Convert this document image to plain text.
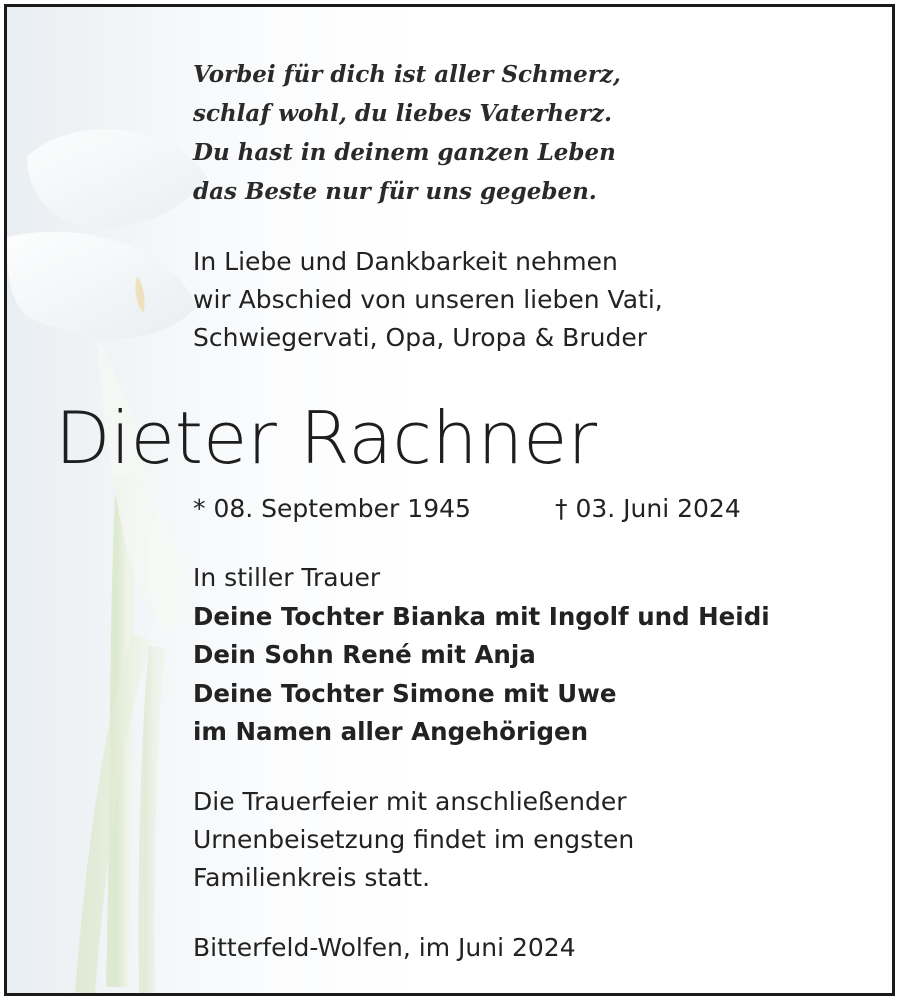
Vorbei für dich ist aller Schmerz,
schlaf wohl, du liebes Vaterherz.
Du hast in deinem ganzen Leben
das Beste nur für uns gegeben.
In Liebe und Dankbarkeit nehmen
wir Abschied von unseren lieben Vati,
Schwiegervati, Opa, Uropa & Bruder
Dieter Rachner
* 08. September 1945	† 03. Juni 2024
In stiller Trauer
Deine Tochter Bianka mit Ingolf und Heidi
Dein Sohn René mit Anja
Deine Tochter Simone mit Uwe
im Namen aller Angehörigen
Die Trauerfeier mit anschließender
Urnenbeisetzung findet im engsten
Familienkreis statt.
Bitterfeld-Wolfen, im Juni 2024
